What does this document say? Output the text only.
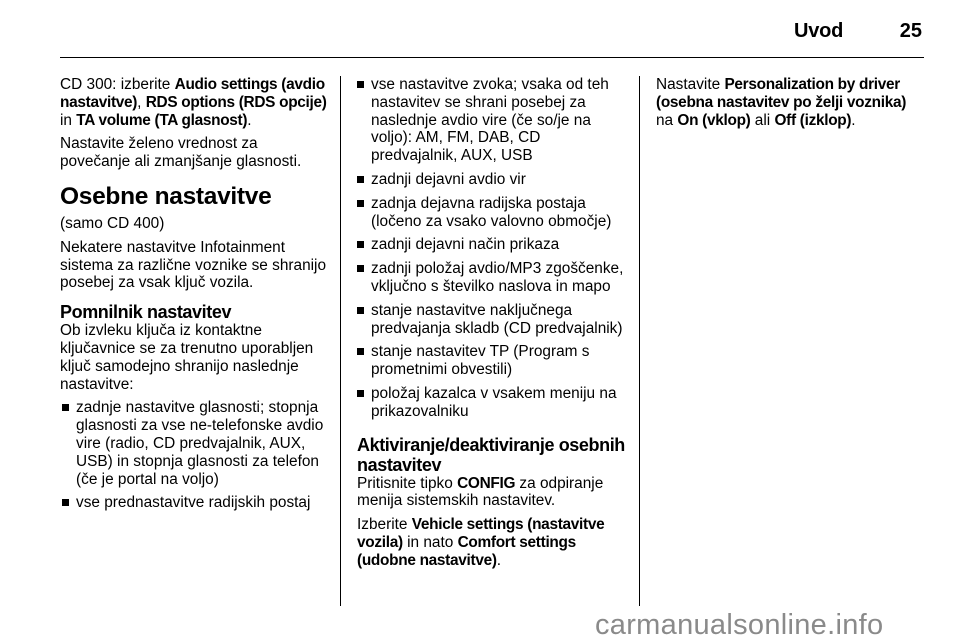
Uvod	25

CD 300: izberite Audio settings (avdio nastavitve), RDS options (RDS opcije) in TA volume (TA glasnost).

Nastavite želeno vrednost za povečanje ali zmanjšanje glasnosti.

Osebne nastavitve

(samo CD 400)

Nekatere nastavitve Infotainment sistema za različne voznike se shranijo posebej za vsak ključ vozila.

Pomnilnik nastavitev

Ob izvleku ključa iz kontaktne ključavnice se za trenutno uporabljen ključ samodejno shranijo naslednje nastavitve:

zadnje nastavitve glasnosti; stopnja glasnosti za vse ne-telefonske avdio vire (radio, CD predvajalnik, AUX, USB) in stopnja glasnosti za telefon (če je portal na voljo)
vse prednastavitve radijskih postaj
vse nastavitve zvoka; vsaka od teh nastavitev se shrani posebej za naslednje avdio vire (če so/je na voljo): AM, FM, DAB, CD predvajalnik, AUX, USB
zadnji dejavni avdio vir
zadnja dejavna radijska postaja (ločeno za vsako valovno območje)
zadnji dejavni način prikaza
zadnji položaj avdio/MP3 zgoščenke, vključno s številko naslova in mapo
stanje nastavitve naključnega predvajanja skladb (CD predvajalnik)
stanje nastavitev TP (Program s prometnimi obvestili)
položaj kazalca v vsakem meniju na prikazovalniku
Aktiviranje/deaktiviranje osebnih nastavitev

Pritisnite tipko CONFIG za odpiranje menija sistemskih nastavitev.

Izberite Vehicle settings (nastavitve vozila) in nato Comfort settings (udobne nastavitve).

Nastavite Personalization by driver (osebna nastavitev po želji voznika) na On (vklop) ali Off (izklop).

carmanualsonline.info
